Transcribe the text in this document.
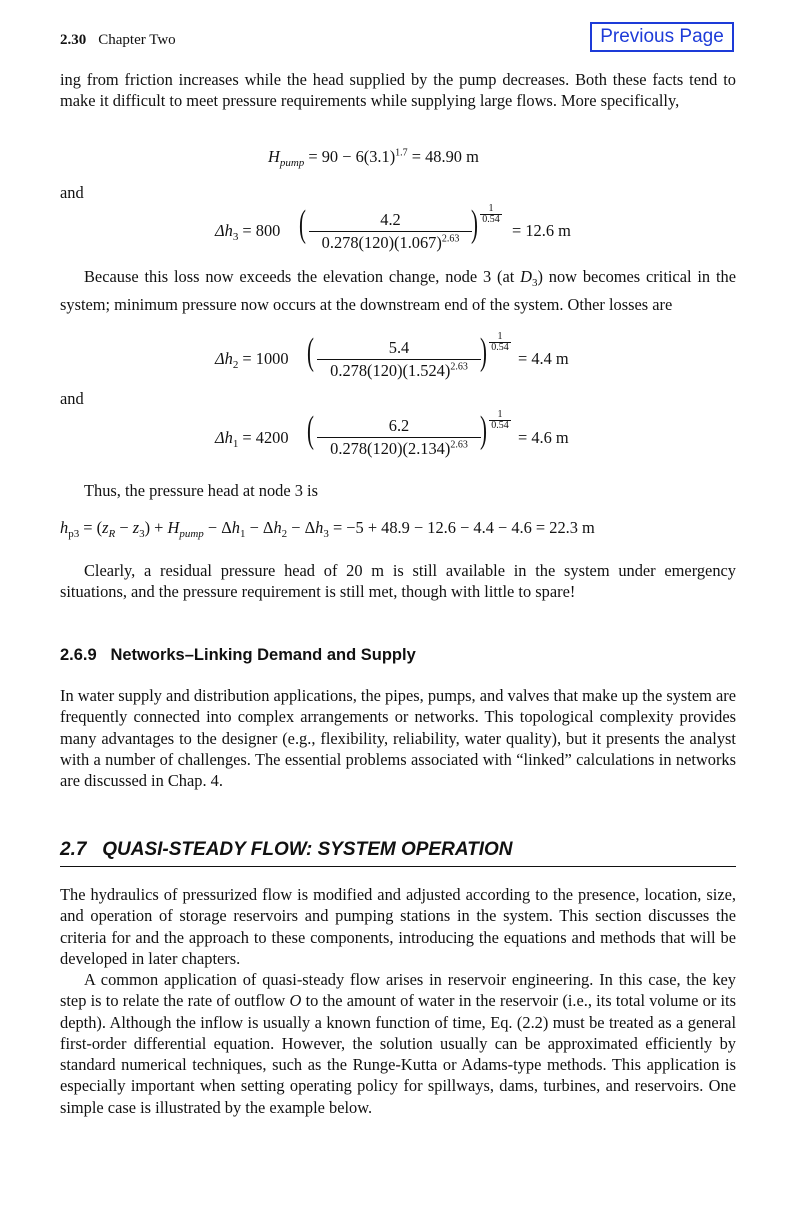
2.30 Chapter Two	Previous Page

ing from friction increases while the head supplied by the pump decreases. Both these facts tend to make it difficult to meet pressure requirements while supplying large flows. More specifically,

$H_{pump} = 90 - 6(3.1)^{1.7} = 48.90$ m
and
$\Delta h_3 = 800$ ( $\frac{4.2}{0.278(120)(1.067)^{2.63}}$ ) $\frac{1}{0.54}$
= 12.6 m

Because this loss now exceeds the elevation change, node 3 (at $D_3$) now becomes critical in the system; minimum pressure now occurs at the downstream end of the system. Other losses are

$\Delta h_2 = 1000$ ( $\frac{5.4}{0.278(120)(1.524)^{2.63}}$ ) $\frac{1}{0.54}$
= 4.4 m
and
$\Delta h_1 = 4200$ ( $\frac{6.2}{0.278(120)(2.134)^{2.63}}$ ) $\frac{1}{0.54}$
= 4.6 m
Thus, the pressure head at node 3 is
$h_{p3} = (z_R - z_3) + H_{pump} - \Delta h_1 - \Delta h_2 - \Delta h_3 = -5 + 48.9 - 12.6 - 4.4 - 4.6 = 22.3$ m

Clearly, a residual pressure head of 20 m is still available in the system under emergency situations, and the pressure requirement is still met, though with little to spare!

2.6.9   Networks–Linking Demand and Supply

In water supply and distribution applications, the pipes, pumps, and valves that make up the system are frequently connected into complex arrangements or networks. This topological complexity provides many advantages to the designer (e.g., flexibility, reliability, water quality), but it presents the analyst with a number of challenges. The essential problems associated with “linked” calculations in networks are discussed in Chap. 4.

2.7   QUASI-STEADY FLOW: SYSTEM OPERATION

The hydraulics of pressurized flow is modified and adjusted according to the presence, location, size, and operation of storage reservoirs and pumping stations in the system. This section discusses the criteria for and the approach to these components, introducing the equations and methods that will be developed in later chapters.

A common application of quasi-steady flow arises in reservoir engineering. In this case, the key step is to relate the rate of outflow O to the amount of water in the reservoir (i.e., its total volume or its depth). Although the inflow is usually a known function of time, Eq. (2.2) must be treated as a general first-order differential equation. However, the solution usually can be approximated efficiently by standard numerical techniques, such as the Runge-Kutta or Adams-type methods. This application is especially important when setting operating policy for spillways, dams, turbines, and reservoirs. One simple case is illustrated by the example below.
